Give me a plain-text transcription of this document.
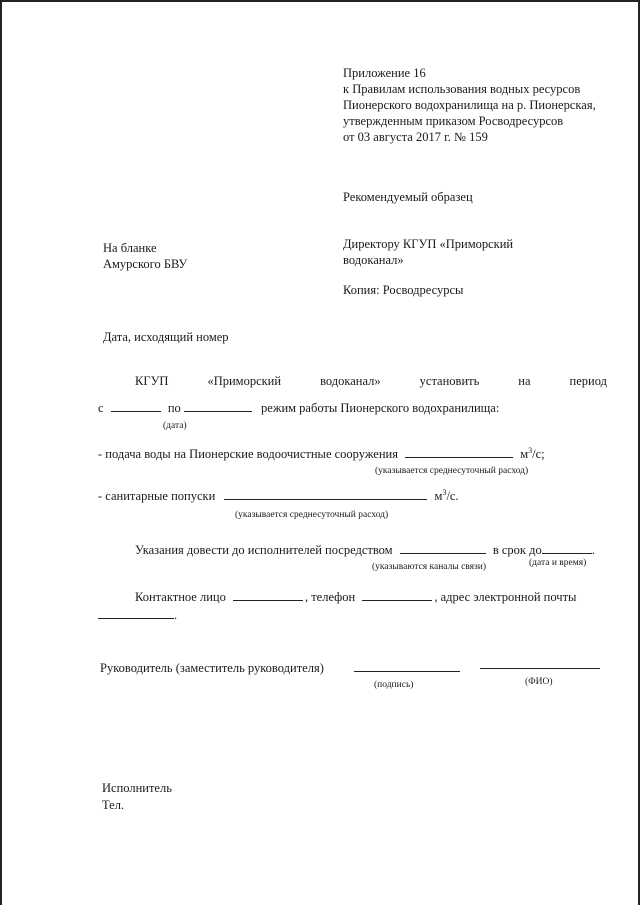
Приложение 16
к Правилам использования водных ресурсов
Пионерского водохранилища на р. Пионерская,
утвержденным приказом Росводресурсов
от 03 августа 2017 г. № 159
Рекомендуемый образец
На бланке
Амурского БВУ
Директору КГУП «Приморский
водоканал»
Копия: Росводресурсы
Дата, исходящий номер
КГУП	«Приморский	водоканал»	установить	на	период
с	по	режим работы Пионерского водохранилища:
(дата)
- подача воды на Пионерские водоочистные сооружения	$м^3/с$;
(указывается среднесуточный расход)
- санитарные попуски	$м^3/с$.
(указывается среднесуточный расход)
Указания довести до исполнителей посредством	в срок до	.
(указываются каналы связи)	(дата и время)
Контактное лицо	, телефон	, адрес электронной почты
.
Руководитель (заместитель руководителя)
(подпись)	(ФИО)
Исполнитель
Тел.
